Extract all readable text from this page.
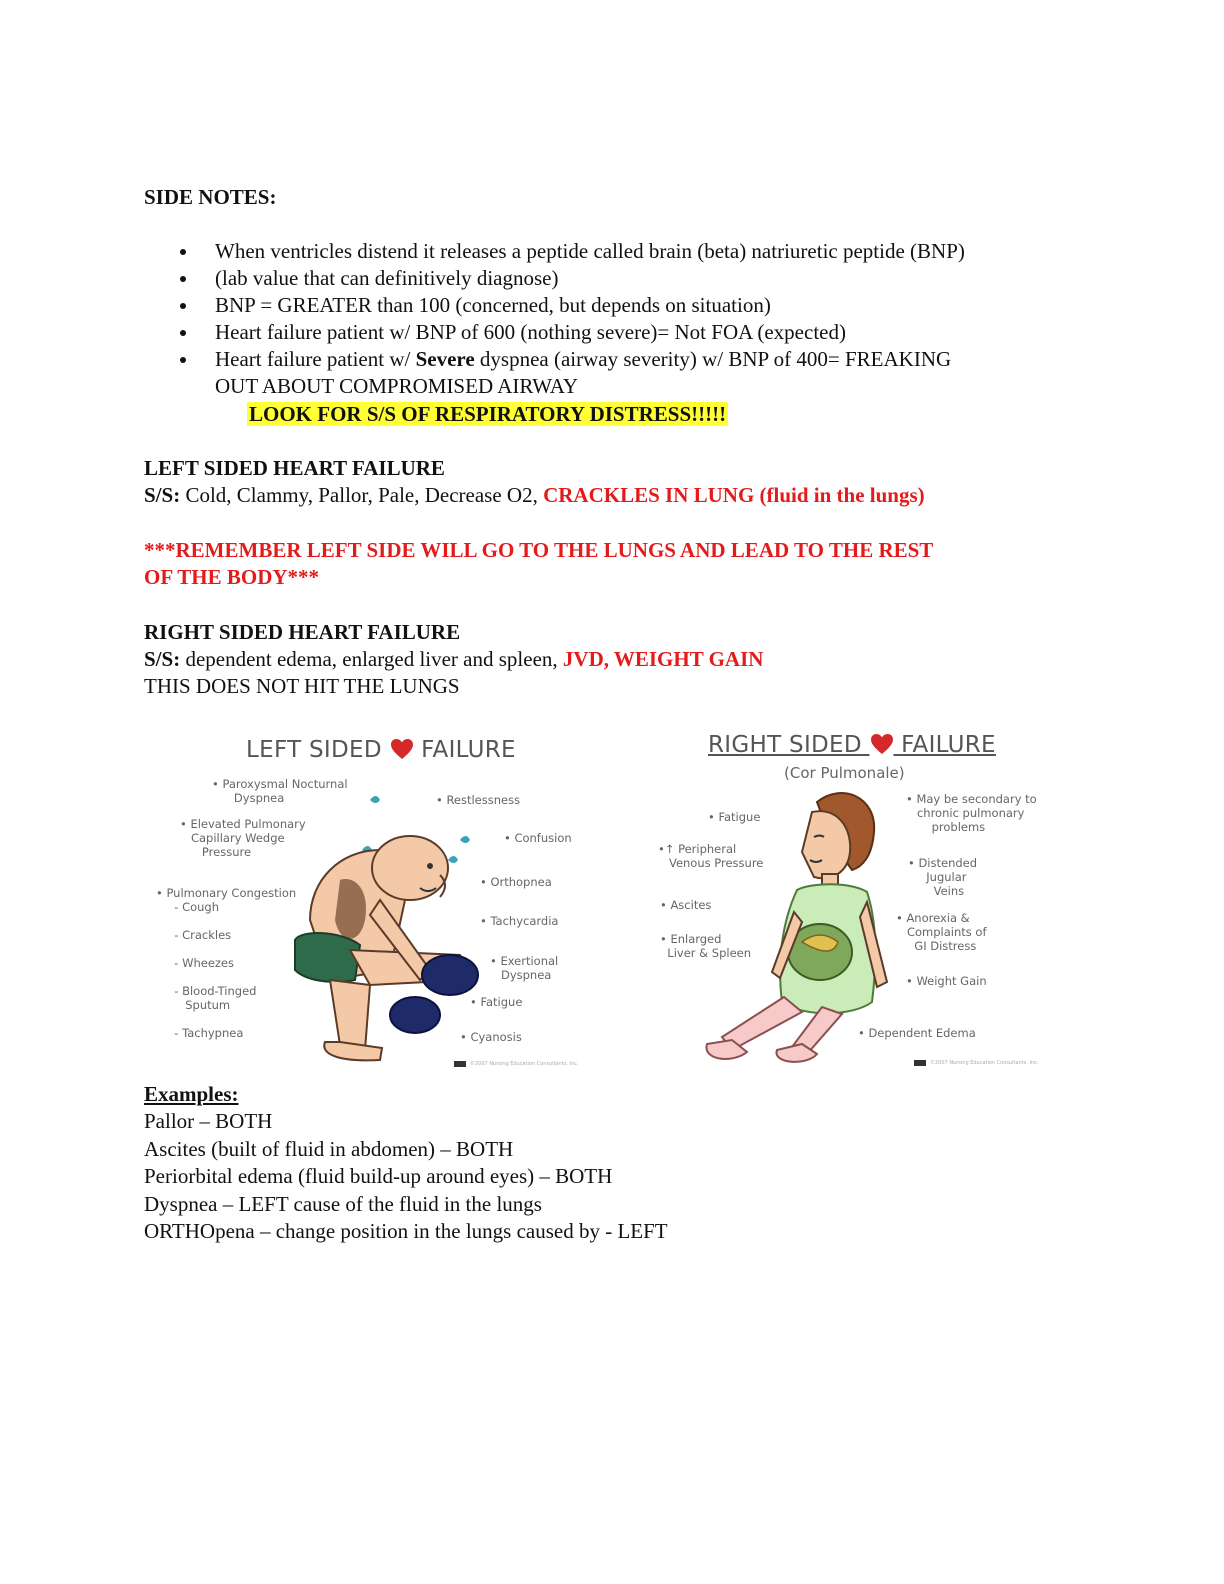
SIDE NOTES:
When ventricles distend it releases a peptide called brain (beta) natriuretic peptide (BNP)
(lab value that can definitively diagnose)
BNP = GREATER than 100 (concerned, but depends on situation)
Heart failure patient w/ BNP of 600 (nothing severe)= Not FOA (expected)
Heart failure patient w/ Severe dyspnea (airway severity) w/ BNP of 400= FREAKING
OUT ABOUT COMPROMISED AIRWAY
LOOK FOR S/S OF RESPIRATORY DISTRESS!!!!!
LEFT SIDED HEART FAILURE
S/S: Cold, Clammy, Pallor, Pale, Decrease O2, CRACKLES IN LUNG (fluid in the lungs)
***REMEMBER LEFT SIDE WILL GO TO THE LUNGS AND LEAD TO THE REST
OF THE BODY***
RIGHT SIDED HEART FAILURE
S/S: dependent edema, enlarged liver and spleen, JVD, WEIGHT GAIN
THIS DOES NOT HIT THE LUNGS
LEFT SIDED FAILURE
• Paroxysmal Nocturnal
Dyspnea	• Restlessness
• Elevated Pulmonary
Capillary Wedge
Pressure
• Confusion
• Orthopnea
• Pulmonary Congestion
- Cough

- Crackles

- Wheezes

- Blood-Tinged
Sputum

- Tachypnea
• Tachycardia
• Exertional
Dyspnea
• Fatigue
• Cyanosis
©2007 Nursing Education Consultants, Inc.
RIGHT SIDED FAILURE
(Cor Pulmonale)
• Fatigue
• May be secondary to
chronic pulmonary
problems
•↑ Peripheral
Venous Pressure	• Distended
Jugular
Veins
• Ascites
• Anorexia &
Complaints of
GI Distress
• Enlarged
Liver & Spleen
• Weight Gain
• Dependent Edema
©2007 Nursing Education Consultants, Inc.
Examples:
Pallor – BOTH
Ascites (built of fluid in abdomen) – BOTH
Periorbital edema (fluid build-up around eyes) – BOTH
Dyspnea – LEFT cause of the fluid in the lungs
ORTHOpena – change position in the lungs caused by - LEFT
